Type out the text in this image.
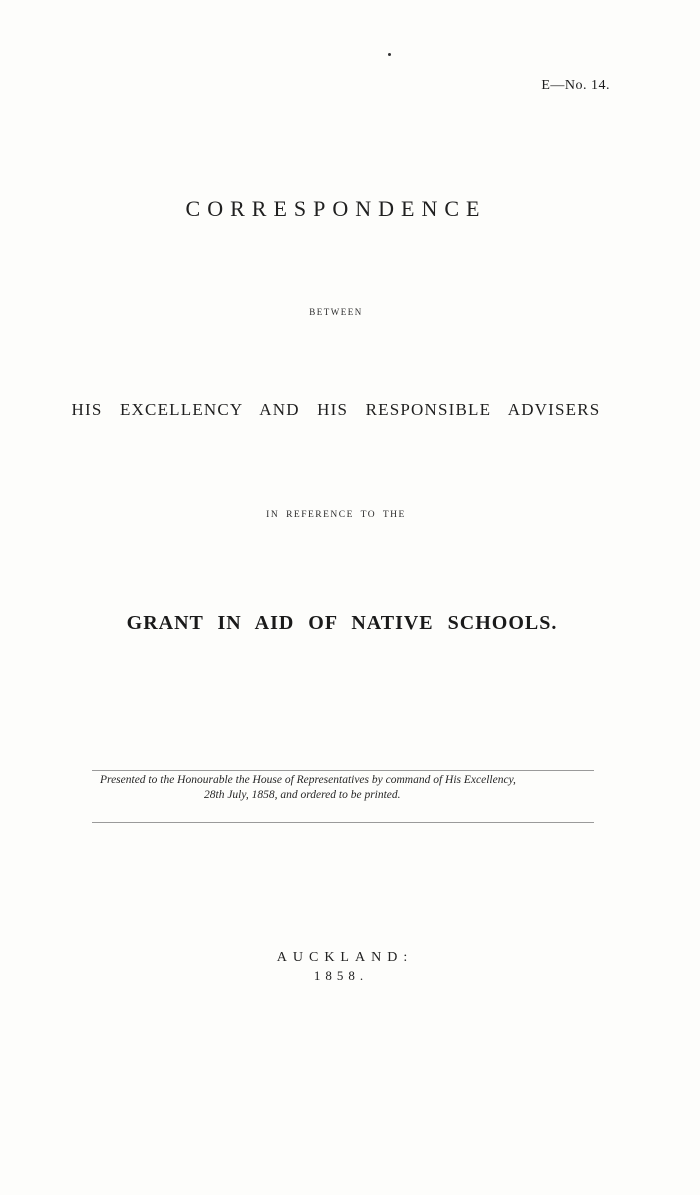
E—No. 14.
CORRESPONDENCE
BETWEEN
HIS EXCELLENCY AND HIS RESPONSIBLE ADVISERS
IN REFERENCE TO THE
GRANT IN AID OF NATIVE SCHOOLS.
Presented to the Honourable the House of Representatives by command of His Excellency,
28th July, 1858, and ordered to be printed.
AUCKLAND:
1858.
